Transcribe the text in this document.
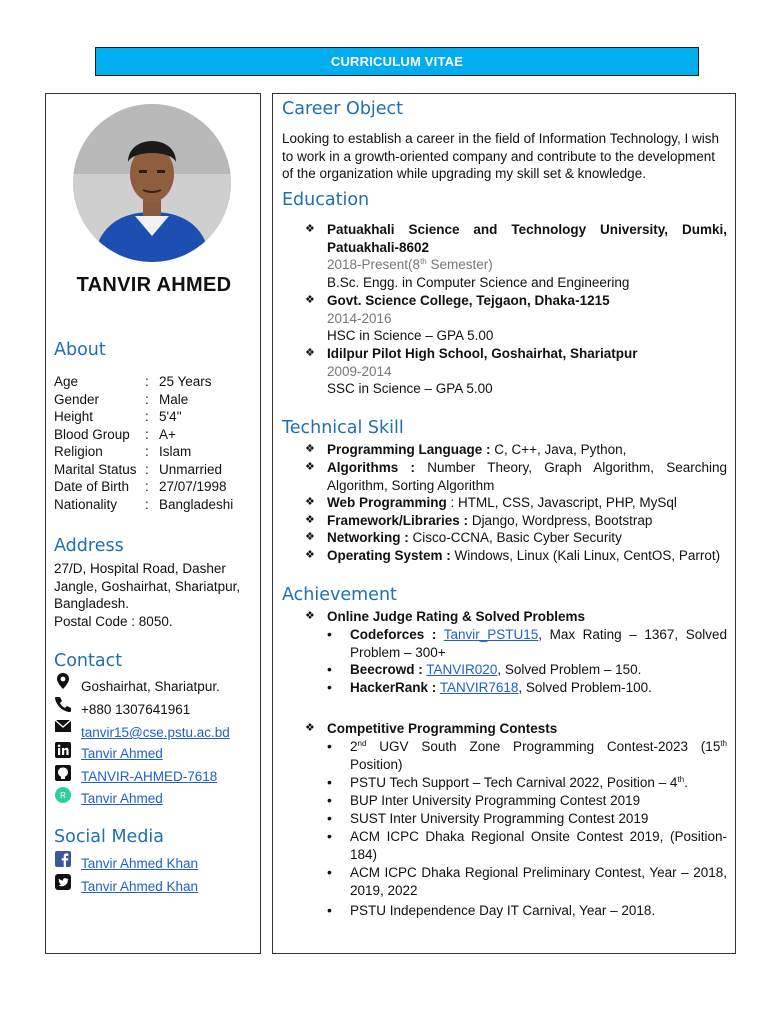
CURRICULUM VITAE
TANVIR AHMED
About
Age	: 25 Years
Gender	: Male
Height	: 5'4''
Blood Group	: A+
Religion	: Islam
Marital Status : Unmarried
Date of Birth	: 27/07/1998
Nationality	: Bangladeshi
Address
27/D, Hospital Road, Dasher
Jangle, Goshairhat, Shariatpur,
Bangladesh.
Postal Code : 8050.
Contact
Goshairhat, Shariatpur.
+880 1307641961
tanvir15@cse.pstu.ac.bd
Tanvir Ahmed
TANVIR-AHMED-7618
R Tanvir Ahmed
Social Media
Tanvir Ahmed Khan
Tanvir Ahmed Khan
Career Object
Looking to establish a career in the field of Information Technology, I wish
to work in a growth-oriented company and contribute to the development
of the organization while upgrading my skill set & knowledge.
Education
❖ Patuakhali Science and Technology University, Dumki,
Patuakhali-8602
2018-Present(8th Semester)
B.Sc. Engg. in Computer Science and Engineering
❖ Govt. Science College, Tejgaon, Dhaka-1215
2014-2016
HSC in Science – GPA 5.00
❖ Idilpur Pilot High School, Goshairhat, Shariatpur
2009-2014
SSC in Science – GPA 5.00
Technical Skill
❖ Programming Language : C, C++, Java, Python,
❖ Algorithms : Number Theory, Graph Algorithm, Searching
Algorithm, Sorting Algorithm
❖ Web Programming : HTML, CSS, Javascript, PHP, MySql
❖ Framework/Libraries : Django, Wordpress, Bootstrap
❖ Networking : Cisco-CCNA, Basic Cyber Security
❖ Operating System : Windows, Linux (Kali Linux, CentOS, Parrot)
Achievement
❖ Online Judge Rating & Solved Problems
• Codeforces : Tanvir_PSTU15, Max Rating – 1367, Solved
Problem – 300+
• Beecrowd : TANVIR020, Solved Problem – 150.
• HackerRank : TANVIR7618, Solved Problem-100.
❖ Competitive Programming Contests
• 2nd UGV South Zone Programming Contest-2023 (15th
Position)
• PSTU Tech Support – Tech Carnival 2022, Position – 4th.
• BUP Inter University Programming Contest 2019
• SUST Inter University Programming Contest 2019
• ACM ICPC Dhaka Regional Onsite Contest 2019, (Position-
184)
• ACM ICPC Dhaka Regional Preliminary Contest, Year – 2018,
2019, 2022
• PSTU Independence Day IT Carnival, Year – 2018.
